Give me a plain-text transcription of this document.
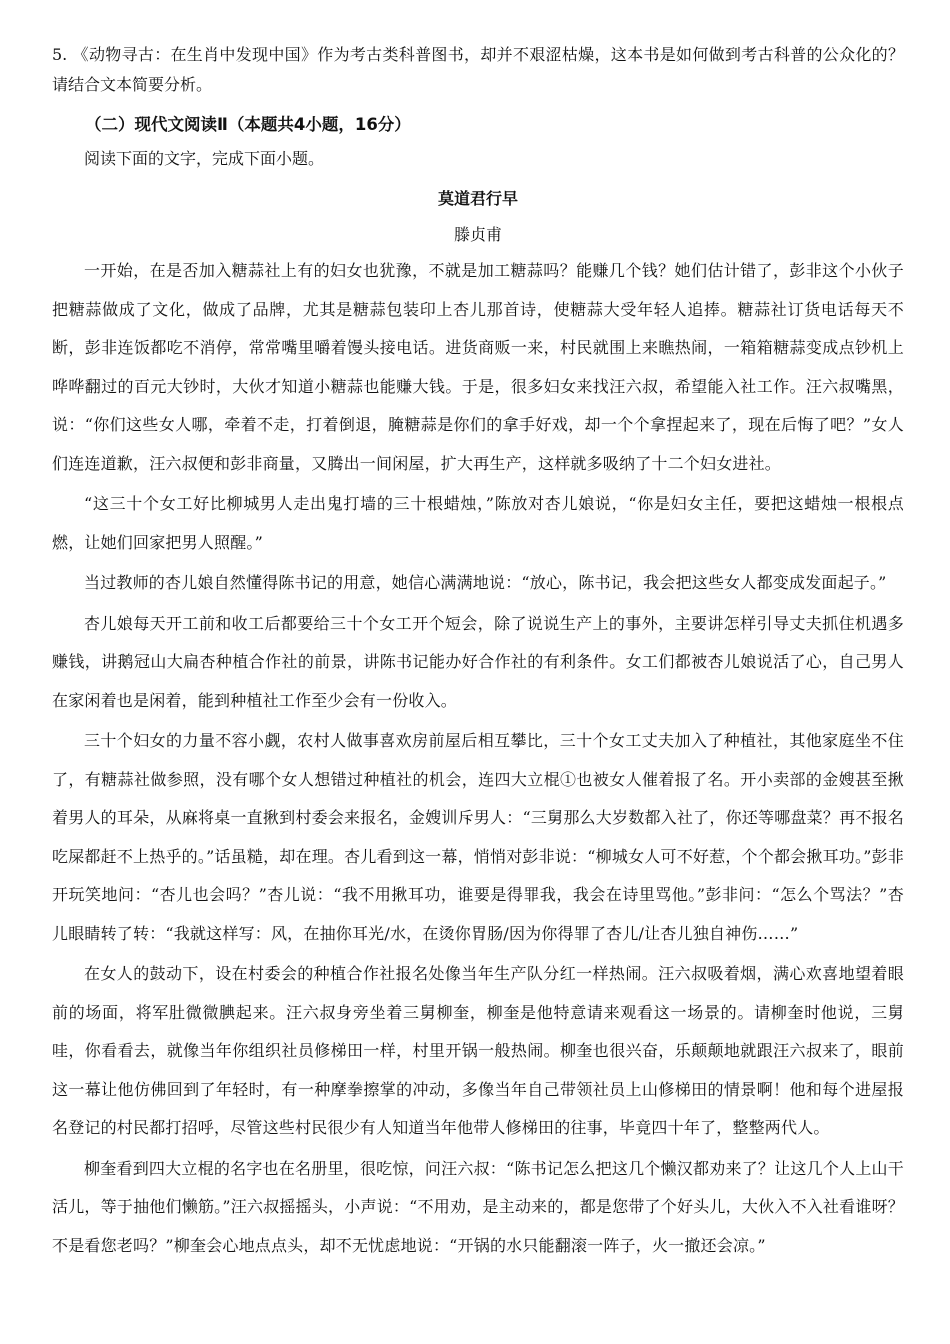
5. 《动物寻古：在生肖中发现中国》作为考古类科普图书，却并不艰涩枯燥，这本书是如何做到考古科普的公众化的？请结合文本简要分析。

（二）现代文阅读Ⅱ（本题共4小题，16分）

阅读下面的文字，完成下面小题。

莫道君行早

滕贞甫

一开始，在是否加入糖蒜社上有的妇女也犹豫，不就是加工糖蒜吗？能赚几个钱？她们估计错了，彭非这个小伙子把糖蒜做成了文化，做成了品牌，尤其是糖蒜包装印上杏儿那首诗，使糖蒜大受年轻人追捧。糖蒜社订货电话每天不断，彭非连饭都吃不消停，常常嘴里嚼着馒头接电话。进货商贩一来，村民就围上来瞧热闹，一箱箱糖蒜变成点钞机上哗哗翻过的百元大钞时，大伙才知道小糖蒜也能赚大钱。于是，很多妇女来找汪六叔，希望能入社工作。汪六叔嘴黑，说：“你们这些女人哪，牵着不走，打着倒退，腌糖蒜是你们的拿手好戏，却一个个拿捏起来了，现在后悔了吧？”女人们连连道歉，汪六叔便和彭非商量，又腾出一间闲屋，扩大再生产，这样就多吸纳了十二个妇女进社。

“这三十个女工好比柳城男人走出鬼打墙的三十根蜡烛，”陈放对杏儿娘说，“你是妇女主任，要把这蜡烛一根根点燃，让她们回家把男人照醒。”

当过教师的杏儿娘自然懂得陈书记的用意，她信心满满地说：“放心，陈书记，我会把这些女人都变成发面起子。”

杏儿娘每天开工前和收工后都要给三十个女工开个短会，除了说说生产上的事外，主要讲怎样引导丈夫抓住机遇多赚钱，讲鹅冠山大扁杏种植合作社的前景，讲陈书记能办好合作社的有利条件。女工们都被杏儿娘说活了心，自己男人在家闲着也是闲着，能到种植社工作至少会有一份收入。

三十个妇女的力量不容小觑，农村人做事喜欢房前屋后相互攀比，三十个女工丈夫加入了种植社，其他家庭坐不住了，有糖蒜社做参照，没有哪个女人想错过种植社的机会，连四大立棍①也被女人催着报了名。开小卖部的金嫂甚至揪着男人的耳朵，从麻将桌一直揪到村委会来报名，金嫂训斥男人：“三舅那么大岁数都入社了，你还等哪盘菜？再不报名吃屎都赶不上热乎的。”话虽糙，却在理。杏儿看到这一幕，悄悄对彭非说：“柳城女人可不好惹，个个都会揪耳功。”彭非开玩笑地问：“杏儿也会吗？”杏儿说：“我不用揪耳功，谁要是得罪我，我会在诗里骂他。”彭非问：“怎么个骂法？”杏儿眼睛转了转：“我就这样写：风，在抽你耳光/水，在烫你胃肠/因为你得罪了杏儿/让杏儿独自神伤……”

在女人的鼓动下，设在村委会的种植合作社报名处像当年生产队分红一样热闹。汪六叔吸着烟，满心欢喜地望着眼前的场面，将军肚微微腆起来。汪六叔身旁坐着三舅柳奎，柳奎是他特意请来观看这一场景的。请柳奎时他说，三舅哇，你看看去，就像当年你组织社员修梯田一样，村里开锅一般热闹。柳奎也很兴奋，乐颠颠地就跟汪六叔来了，眼前这一幕让他仿佛回到了年轻时，有一种摩拳擦掌的冲动，多像当年自己带领社员上山修梯田的情景啊！他和每个进屋报名登记的村民都打招呼，尽管这些村民很少有人知道当年他带人修梯田的往事，毕竟四十年了，整整两代人。

柳奎看到四大立棍的名字也在名册里，很吃惊，问汪六叔：“陈书记怎么把这几个懒汉都劝来了？让这几个人上山干活儿，等于抽他们懒筋。”汪六叔摇摇头，小声说：“不用劝，是主动来的，都是您带了个好头儿，大伙入不入社看谁呀？不是看您老吗？”柳奎会心地点点头，却不无忧虑地说：“开锅的水只能翻滚一阵子，火一撤还会凉。”
